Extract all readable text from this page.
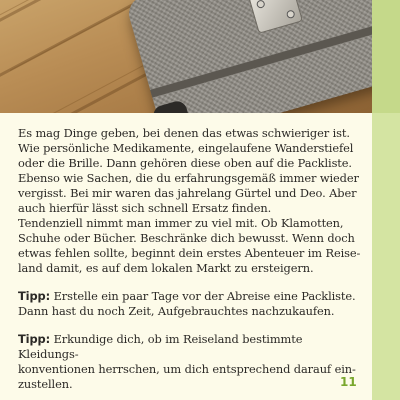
Es mag Dinge geben, bei denen das etwas schwieriger ist.
Wie persönliche Medikamente, eingelaufene Wanderstiefel
oder die Brille. Dann gehören diese oben auf die Packliste.
Ebenso wie Sachen, die du erfahrungsgemäß immer wieder
vergisst. Bei mir waren das jahrelang Gürtel und Deo. Aber
auch hierfür lässt sich schnell Ersatz finden.
Tendenziell nimmt man immer zu viel mit. Ob Klamotten,
Schuhe oder Bücher. Beschränke dich bewusst. Wenn doch
etwas fehlen sollte, beginnt dein erstes Abenteuer im Reise-
land damit, es auf dem lokalen Markt zu ersteigern.

Tipp: Erstelle ein paar Tage vor der Abreise eine Packliste.
Dann hast du noch Zeit, Aufgebrauchtes nachzukaufen.

Tipp: Erkundige dich, ob im Reiseland bestimmte Kleidungs-
konventionen herrschen, um dich entsprechend darauf ein-
zustellen.	11
